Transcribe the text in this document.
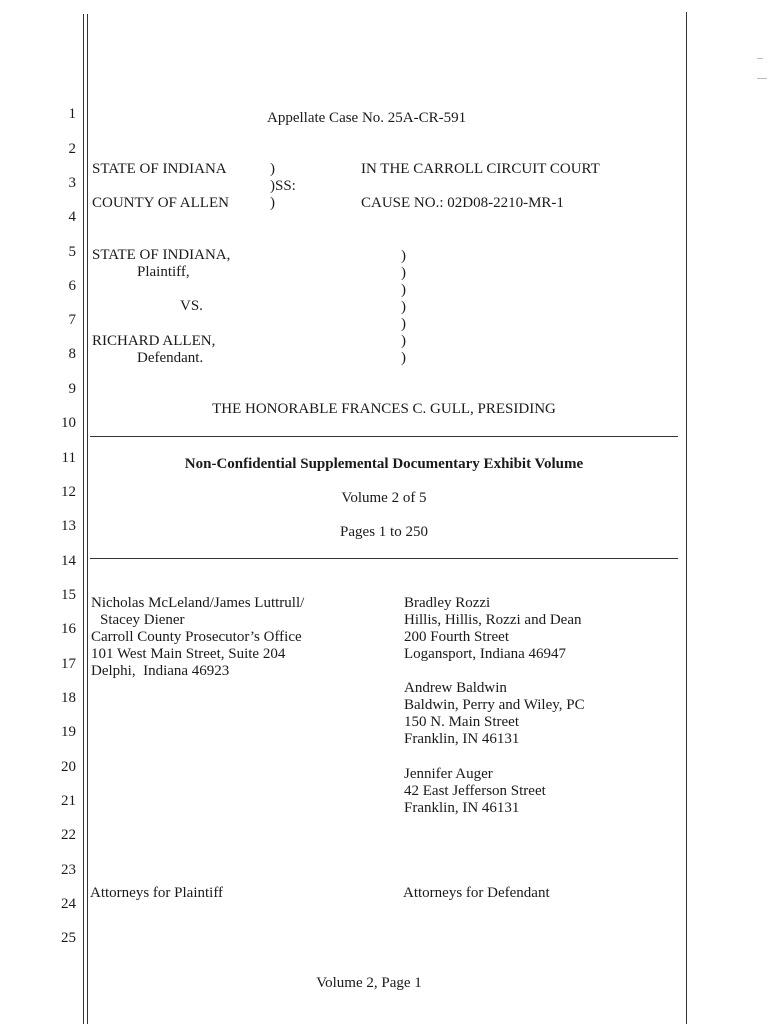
1
2
3
4
5
6
7
8
9
10
11
12
13
14
15
16
17
18
19
20
21
22
23
24
25
Appellate Case No. 25A-CR-591
STATE OF INDIANA	)
)SS:
)
COUNTY OF ALLEN
IN THE CARROLL CIRCUIT COURT
CAUSE NO.: 02D08-2210-MR-1
STATE OF INDIANA,
Plaintiff,
VS.
RICHARD ALLEN,
Defendant.
)
)
)
)
)
)
)
THE HONORABLE FRANCES C. GULL, PRESIDING
Non-Confidential Supplemental Documentary Exhibit Volume
Volume 2 of 5
Pages 1 to 250
Nicholas McLeland/James Luttrull/
Stacey Diener
Carroll County Prosecutor’s Office
101 West Main Street, Suite 204
Delphi,  Indiana 46923
Bradley Rozzi
Hillis, Hillis, Rozzi and Dean
200 Fourth Street
Logansport, Indiana 46947
Andrew Baldwin
Baldwin, Perry and Wiley, PC
150 N. Main Street
Franklin, IN 46131
Jennifer Auger
42 East Jefferson Street
Franklin, IN 46131
Attorneys for Plaintiff	Attorneys for Defendant
Volume 2, Page 1
